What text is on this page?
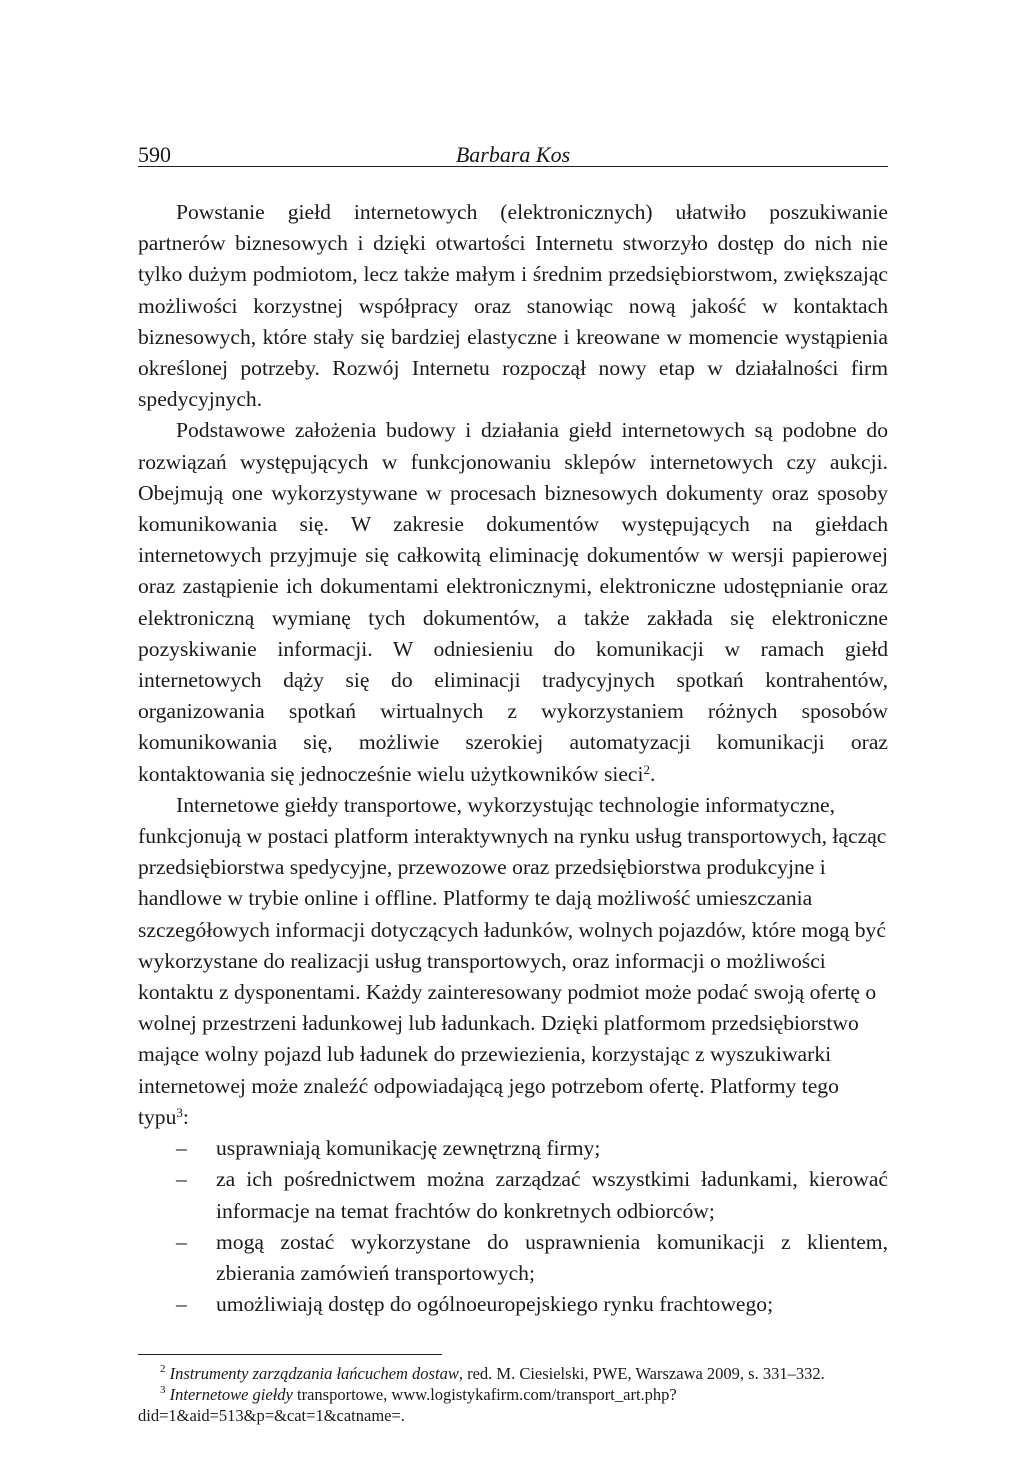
590	Barbara Kos

Powstanie giełd internetowych (elektronicznych) ułatwiło poszukiwanie partnerów biznesowych i dzięki otwartości Internetu stworzyło dostęp do nich nie tylko dużym podmiotom, lecz także małym i średnim przedsiębiorstwom, zwiększając możliwości korzystnej współpracy oraz stanowiąc nową jakość w kontaktach biznesowych, które stały się bardziej elastyczne i kreowane w momencie wystąpienia określonej potrzeby. Rozwój Internetu rozpoczął nowy etap w działalności firm spedycyjnych.

Podstawowe założenia budowy i działania giełd internetowych są podobne do rozwiązań występujących w funkcjonowaniu sklepów internetowych czy aukcji. Obejmują one wykorzystywane w procesach biznesowych dokumenty oraz sposoby komunikowania się. W zakresie dokumentów występujących na giełdach internetowych przyjmuje się całkowitą eliminację dokumentów w wersji papierowej oraz zastąpienie ich dokumentami elektronicznymi, elektroniczne udostępnianie oraz elektroniczną wymianę tych dokumentów, a także zakłada się elektroniczne pozyskiwanie informacji. W odniesieniu do komunikacji w ramach giełd internetowych dąży się do eliminacji tradycyjnych spotkań kontrahentów, organizowania spotkań wirtualnych z wykorzystaniem różnych sposobów komunikowania się, możliwie szerokiej automatyzacji komunikacji oraz kontaktowania się jednocześnie wielu użytkowników sieci$^2$.

Internetowe giełdy transportowe, wykorzystując technologie informatyczne, funkcjonują w postaci platform interaktywnych na rynku usług transportowych, łącząc przedsiębiorstwa spedycyjne, przewozowe oraz przedsiębiorstwa produkcyjne i handlowe w trybie online i offline. Platformy te dają możliwość umieszczania szczegółowych informacji dotyczących ładunków, wolnych pojazdów, które mogą być wykorzystane do realizacji usług transportowych, oraz informacji o możliwości kontaktu z dysponentami. Każdy zainteresowany podmiot może podać swoją ofertę o wolnej przestrzeni ładunkowej lub ładunkach. Dzięki platformom przedsiębiorstwo mające wolny pojazd lub ładunek do przewiezienia, korzystając z wyszukiwarki internetowej może znaleźć odpowiadającą jego potrzebom ofertę. Platformy tego typu$^3$:

– usprawniają komunikację zewnętrzną firmy;
– za ich pośrednictwem można zarządzać wszystkimi ładunkami, kierować informacje na temat frachtów do konkretnych odbiorców;
– mogą zostać wykorzystane do usprawnienia komunikacji z klientem, zbierania zamówień transportowych;
– umożliwiają dostęp do ogólnoeuropejskiego rynku frachtowego;

$^2$ Instrumenty zarządzania łańcuchem dostaw, red. M. Ciesielski, PWE, Warszawa 2009, s. 331–332.

$^3$ Internetowe giełdy transportowe, www.logistykafirm.com/transport_art.php?did=1&aid=513&p=&cat=1&catname=.
